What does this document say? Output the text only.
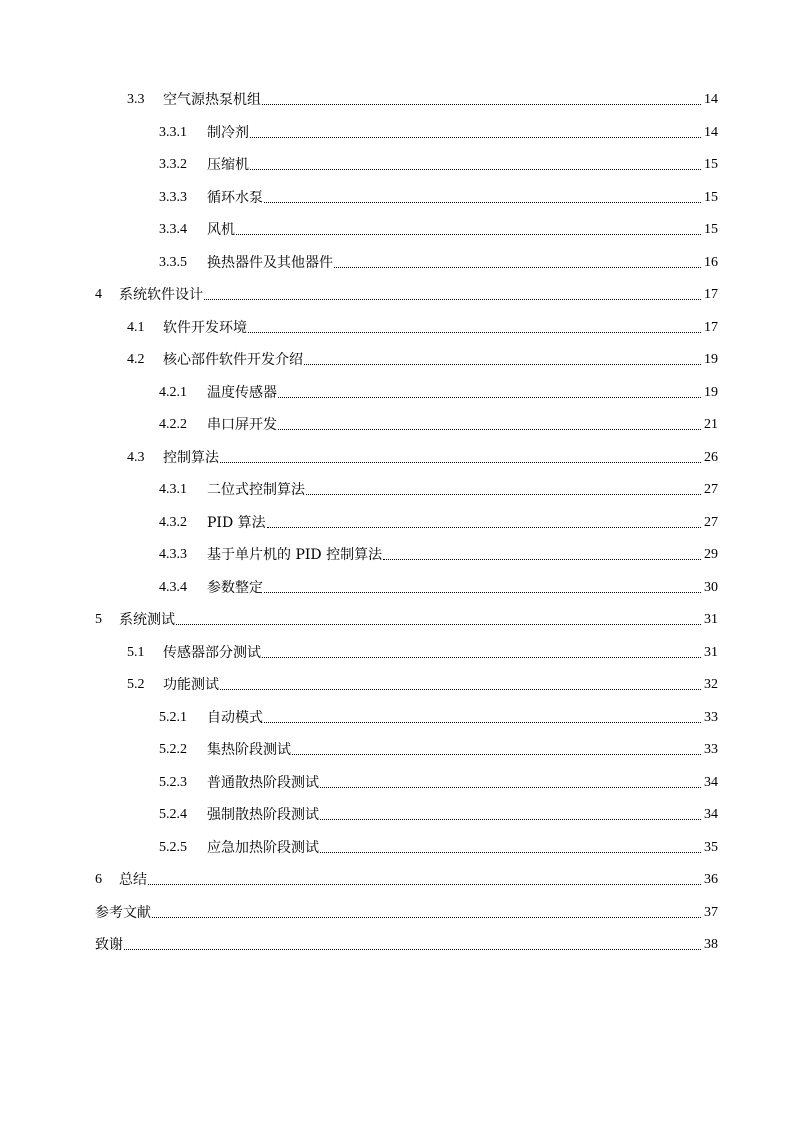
3.3	空气源热泵机组	14
3.3.1	制冷剂	14
3.3.2	压缩机	15
3.3.3	循环水泵	15
3.3.4	风机	15
3.3.5	换热器件及其他器件	16
4	系统软件设计	17
4.1	软件开发环境	17
4.2	核心部件软件开发介绍	19
4.2.1	温度传感器	19
4.2.2	串口屏开发	21
4.3	控制算法	26
4.3.1	二位式控制算法	27
4.3.2	PID 算法	27
4.3.3	基于单片机的 PID 控制算法	29
4.3.4	参数整定	30
5	系统测试	31
5.1	传感器部分测试	31
5.2	功能测试	32
5.2.1	自动模式	33
5.2.2	集热阶段测试	33
5.2.3	普通散热阶段测试	34
5.2.4	强制散热阶段测试	34
5.2.5	应急加热阶段测试	35
6	总结	36
参考文献	37
致谢	38
